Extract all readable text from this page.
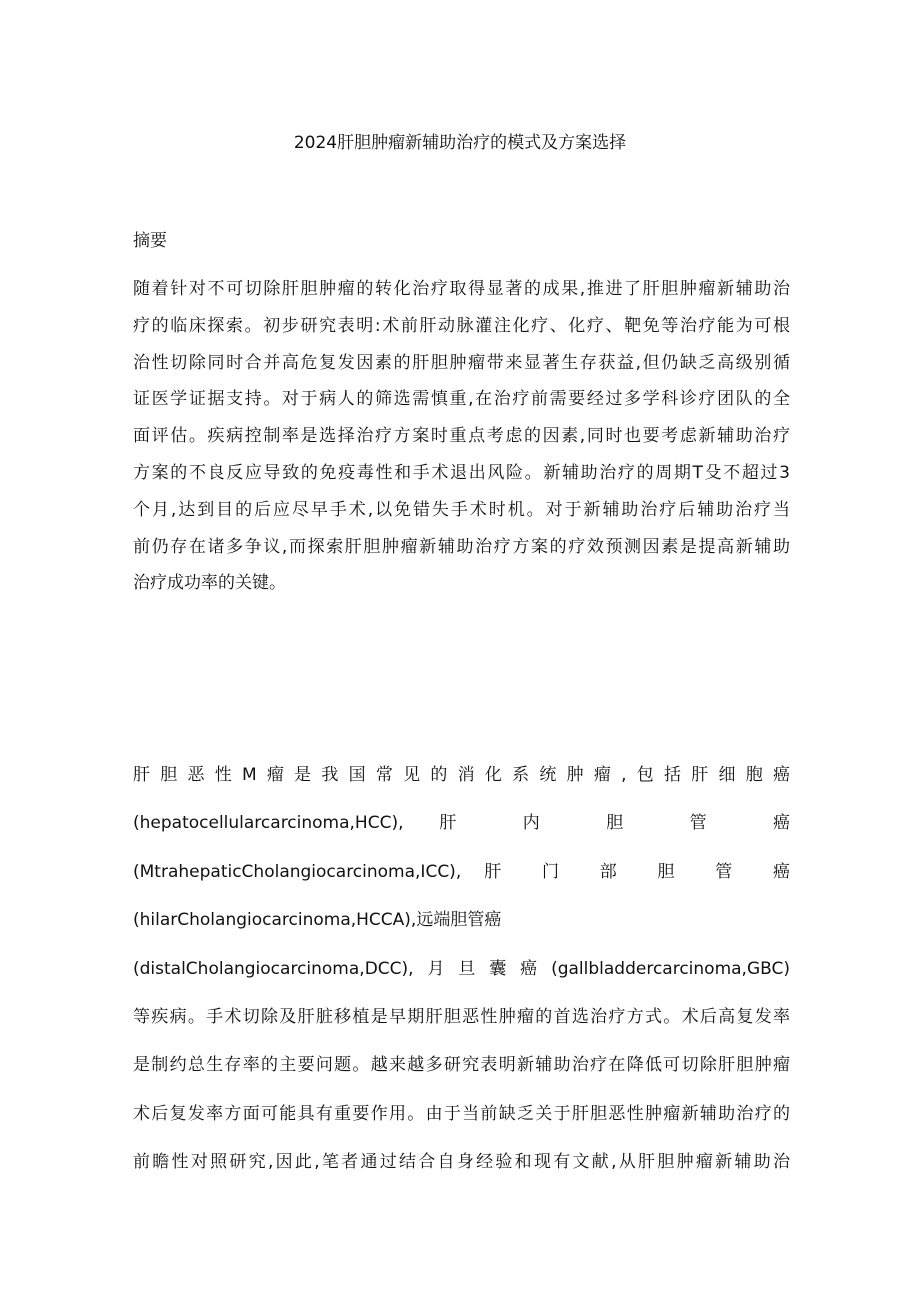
2024肝胆肿瘤新辅助治疗的模式及方案选择
摘要
随着针对不可切除肝胆肿瘤的转化治疗取得显著的成果,推进了肝胆肿瘤新辅助治
疗的临床探索。初步研究表明:术前肝动脉灌注化疗、化疗、靶免等治疗能为可根
治性切除同时合并高危复发因素的肝胆肿瘤带来显著生存获益,但仍缺乏高级别循
证医学证据支持。对于病人的筛选需慎重,在治疗前需要经过多学科诊疗团队的全
面评估。疾病控制率是选择治疗方案时重点考虑的因素,同时也要考虑新辅助治疗
方案的不良反应导致的免疫毒性和手术退出风险。新辅助治疗的周期T殳不超过3
个月,达到目的后应尽早手术,以免错失手术时机。对于新辅助治疗后辅助治疗当
前仍存在诸多争议,而探索肝胆肿瘤新辅助治疗方案的疗效预测因素是提高新辅助
治疗成功率的关键。
肝胆恶性M瘤是我国常见的消化系统肿瘤,包括肝细胞癌
(hepatocellularcarcinoma,HCC), 肝 内 胆 管 癌
(MtrahepaticCholangiocarcinoma,ICC), 肝 门 部 胆 管 癌
(hilarCholangiocarcinoma,HCCA),远端胆管癌
(distalCholangiocarcinoma,DCC),月旦囊癌(gallbladdercarcinoma,GBC)
等疾病。手术切除及肝脏移植是早期肝胆恶性肿瘤的首选治疗方式。术后高复发率
是制约总生存率的主要问题。越来越多研究表明新辅助治疗在降低可切除肝胆肿瘤
术后复发率方面可能具有重要作用。由于当前缺乏关于肝胆恶性肿瘤新辅助治疗的
前瞻性对照研究,因此,笔者通过结合自身经验和现有文献,从肝胆肿瘤新辅助治
